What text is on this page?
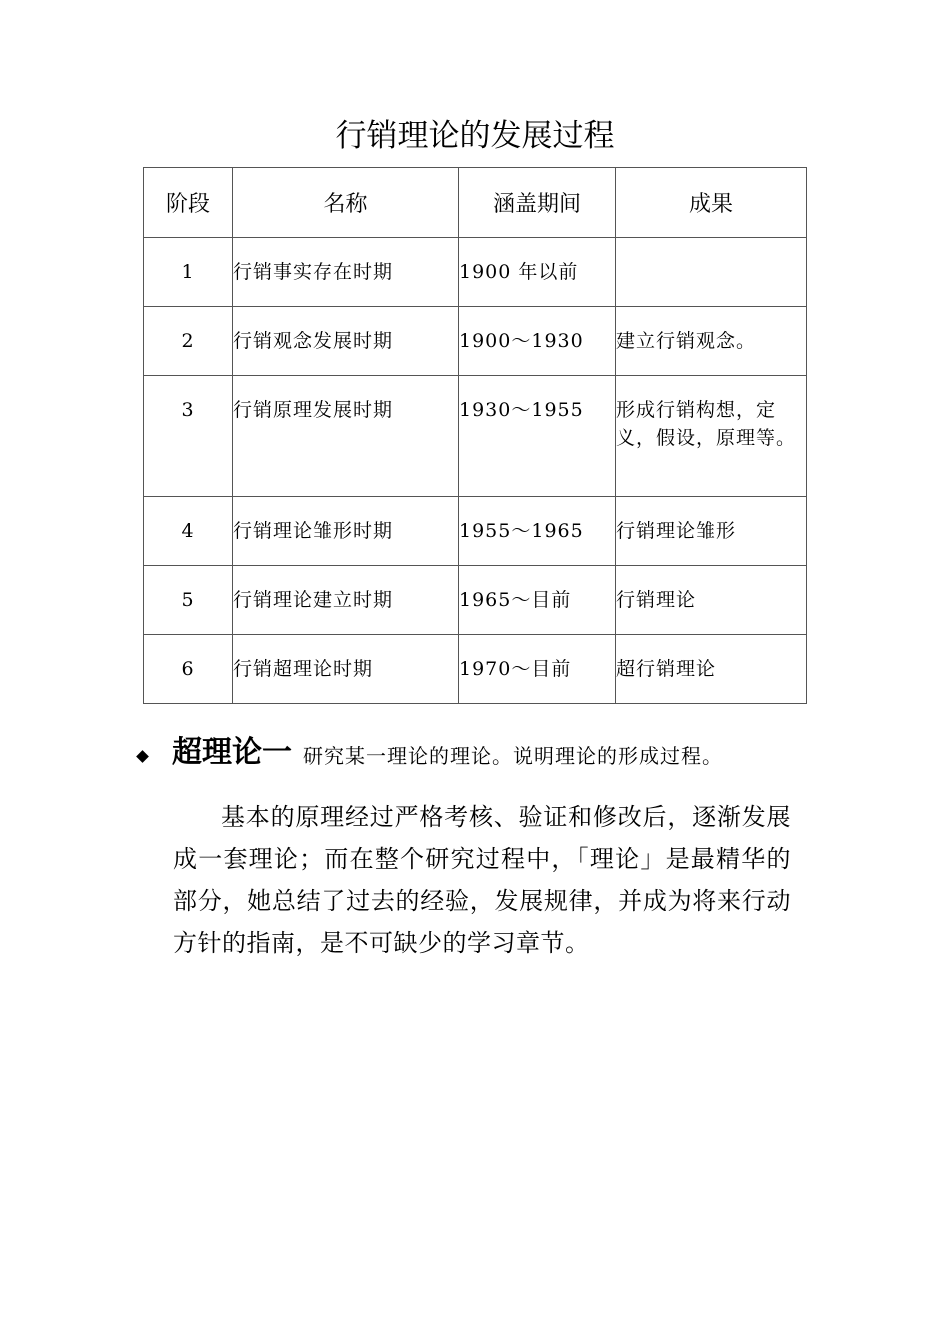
行销理论的发展过程
阶段	名称	涵盖期间	成果
1	行销事实存在时期	1900 年以前	
2	行销观念发展时期	1900～1930	建立行销观念。
3	行销原理发展时期	1930～1955	形成行销构想，定义，假设，原理等。
4	行销理论雏形时期	1955～1965	行销理论雏形
5	行销理论建立时期	1965～目前	行销理论
6	行销超理论时期	1970～目前	超行销理论
超理论一 研究某一理论的理论。说明理论的形成过程。
基本的原理经过严格考核、验证和修改后，逐渐发展成一套理论；而在整个研究过程中，「理论」是最精华的部分，她总结了过去的经验，发展规律，并成为将来行动方针的指南，是不可缺少的学习章节。
